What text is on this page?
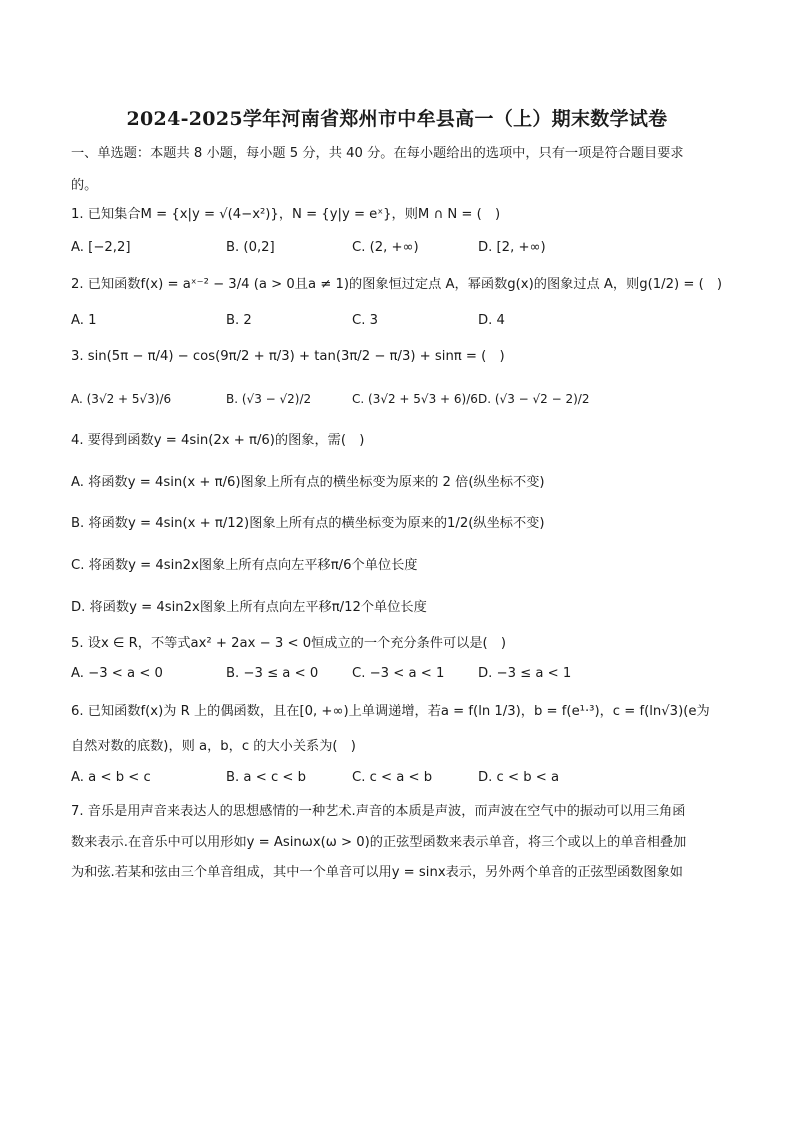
2024-2025学年河南省郑州市中牟县高一（上）期末数学试卷
一、单选题：本题共 8 小题，每小题 5 分，共 40 分。在每小题给出的选项中，只有一项是符合题目要求
的。
1. 已知集合M = {x|y = √(4−x²)}，N = {y|y = eˣ}，则M ∩ N = (　)
A. [−2,2]	B. (0,2]	C. (2, +∞)	D. [2, +∞)
2. 已知函数f(x) = aˣ⁻² − 3/4 (a > 0且a ≠ 1)的图象恒过定点 A，幂函数g(x)的图象过点 A，则g(1/2) = (　)
A. 1	B. 2	C. 3	D. 4
3. sin(5π − π/4) − cos(9π/2 + π/3) + tan(3π/2 − π/3) + sinπ = (　)
A. (3√2 + 5√3)/6	B. (√3 − √2)/2	C. (3√2 + 5√3 + 6)/6 D. (√3 − √2 − 2)/2
4. 要得到函数y = 4sin(2x + π/6)的图象，需(　)
A. 将函数y = 4sin(x + π/6)图象上所有点的横坐标变为原来的 2 倍(纵坐标不变)
B. 将函数y = 4sin(x + π/12)图象上所有点的横坐标变为原来的1/2(纵坐标不变)
C. 将函数y = 4sin2x图象上所有点向左平移π/6个单位长度
D. 将函数y = 4sin2x图象上所有点向左平移π/12个单位长度
5. 设x ∈ R，不等式ax² + 2ax − 3 < 0恒成立的一个充分条件可以是(　)
A. −3 < a < 0	B. −3 ≤ a < 0	C. −3 < a < 1	D. −3 ≤ a < 1
6. 已知函数f(x)为 R 上的偶函数，且在[0, +∞)上单调递增，若a = f(ln 1/3)，b = f(e¹·³)，c = f(ln√3)(e为
自然对数的底数)，则 a，b，c 的大小关系为(　)
A. a < b < c	B. a < c < b	C. c < a < b	D. c < b < a
7. 音乐是用声音来表达人的思想感情的一种艺术.声音的本质是声波，而声波在空气中的振动可以用三角函
数来表示.在音乐中可以用形如y = Asinωx(ω > 0)的正弦型函数来表示单音，将三个或以上的单音相叠加
为和弦.若某和弦由三个单音组成，其中一个单音可以用y = sinx表示，另外两个单音的正弦型函数图象如
